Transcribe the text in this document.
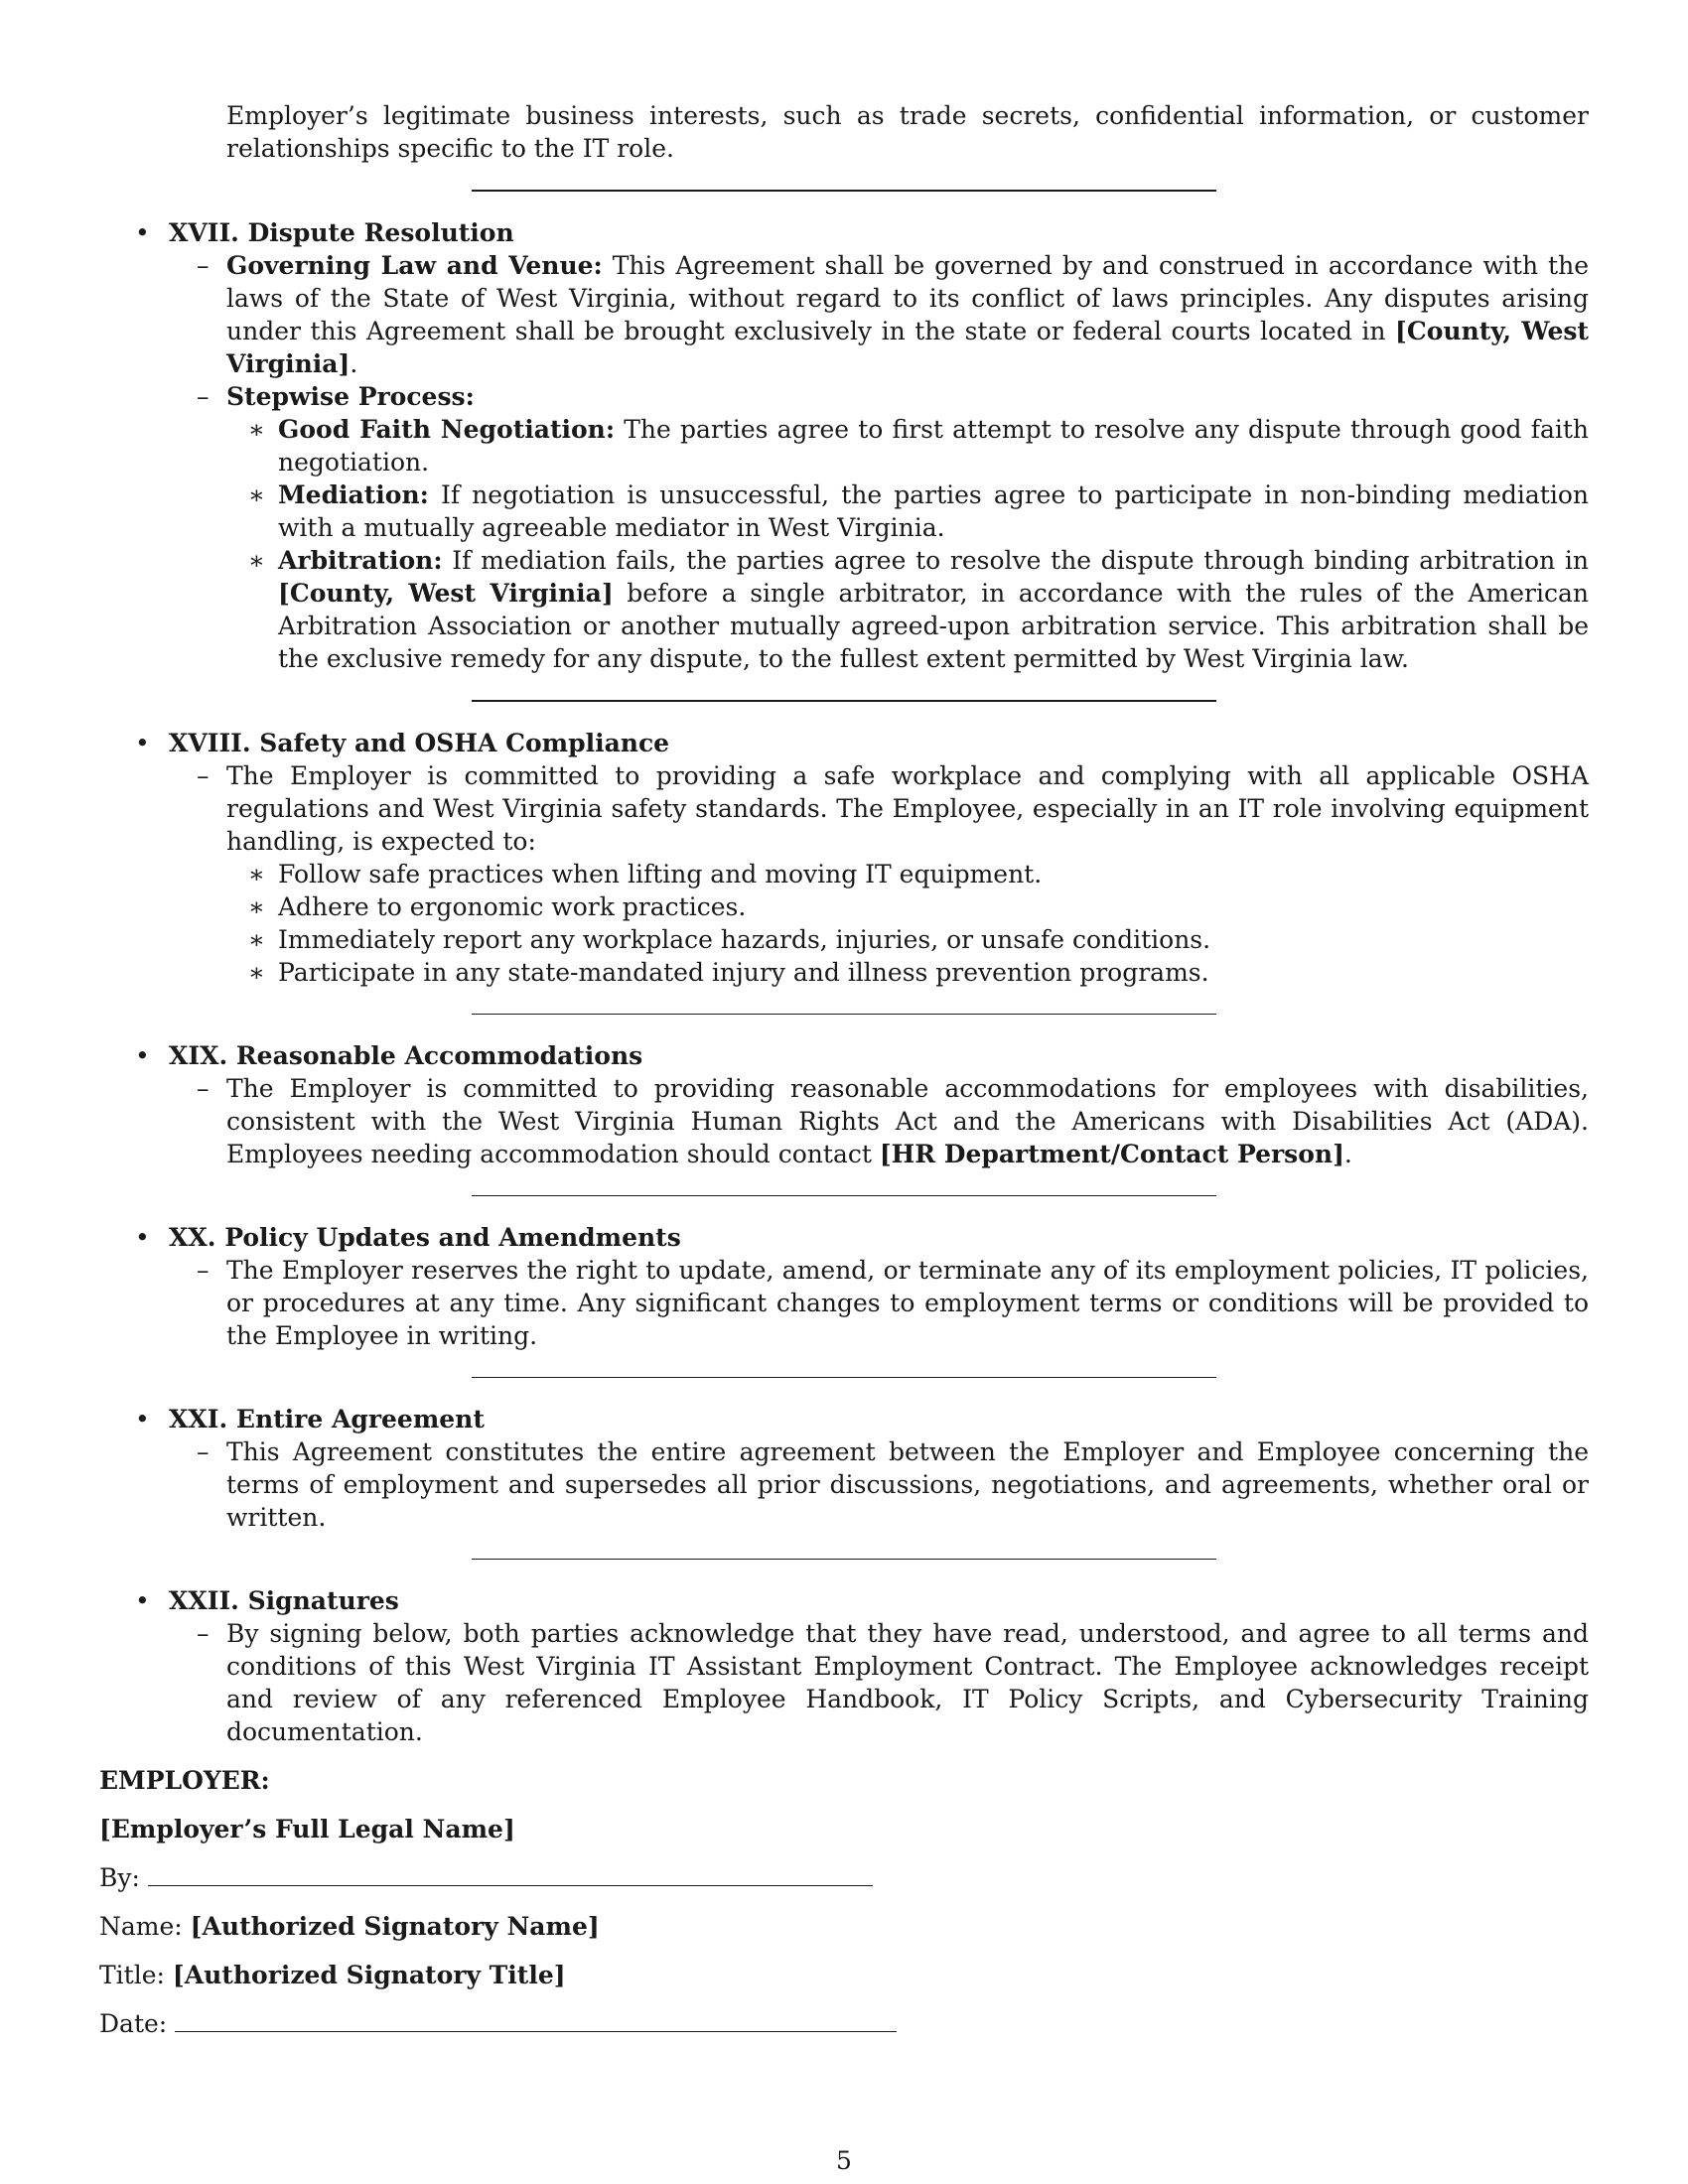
Employer’s legitimate business interests, such as trade secrets, confidential information, or customer relationships specific to the IT role.

• XVII. Dispute Resolution
– Governing Law and Venue: This Agreement shall be governed by and construed in accordance with the laws of the State of West Virginia, without regard to its conflict of laws principles. Any disputes arising under this Agreement shall be brought exclusively in the state or federal courts located in [County, West Virginia].

– Stepwise Process:
∗ Good Faith Negotiation: The parties agree to first attempt to resolve any dispute through good faith negotiation.

∗ Mediation: If negotiation is unsuccessful, the parties agree to participate in non-binding mediation with a mutually agreeable mediator in West Virginia.

∗ Arbitration: If mediation fails, the parties agree to resolve the dispute through binding arbitration in [County, West Virginia] before a single arbitrator, in accordance with the rules of the American Arbitration Association or another mutually agreed-upon arbitration service. This arbitration shall be the exclusive remedy for any dispute, to the fullest extent permitted by West Virginia law.

• XVIII. Safety and OSHA Compliance
– The Employer is committed to providing a safe workplace and complying with all applicable OSHA regulations and West Virginia safety standards. The Employee, especially in an IT role involving equipment handling, is expected to:

∗ Follow safe practices when lifting and moving IT equipment.
∗ Adhere to ergonomic work practices.
∗ Immediately report any workplace hazards, injuries, or unsafe conditions.
∗ Participate in any state-mandated injury and illness prevention programs.
• XIX. Reasonable Accommodations
– The Employer is committed to providing reasonable accommodations for employees with disabilities, consistent with the West Virginia Human Rights Act and the Americans with Disabilities Act (ADA). Employees needing accommodation should contact [HR Department/Contact Person].

• XX. Policy Updates and Amendments
– The Employer reserves the right to update, amend, or terminate any of its employment policies, IT policies, or procedures at any time. Any significant changes to employment terms or conditions will be provided to the Employee in writing.

• XXI. Entire Agreement
– This Agreement constitutes the entire agreement between the Employer and Employee concerning the terms of employment and supersedes all prior discussions, negotiations, and agreements, whether oral or written.

• XXII. Signatures
– By signing below, both parties acknowledge that they have read, understood, and agree to all terms and conditions of this West Virginia IT Assistant Employment Contract. The Employee acknowledges receipt and review of any referenced Employee Handbook, IT Policy Scripts, and Cybersecurity Training documentation.

EMPLOYER:

[Employer’s Full Legal Name]

By:

Name: [Authorized Signatory Name]

Title: [Authorized Signatory Title]

Date:

5
